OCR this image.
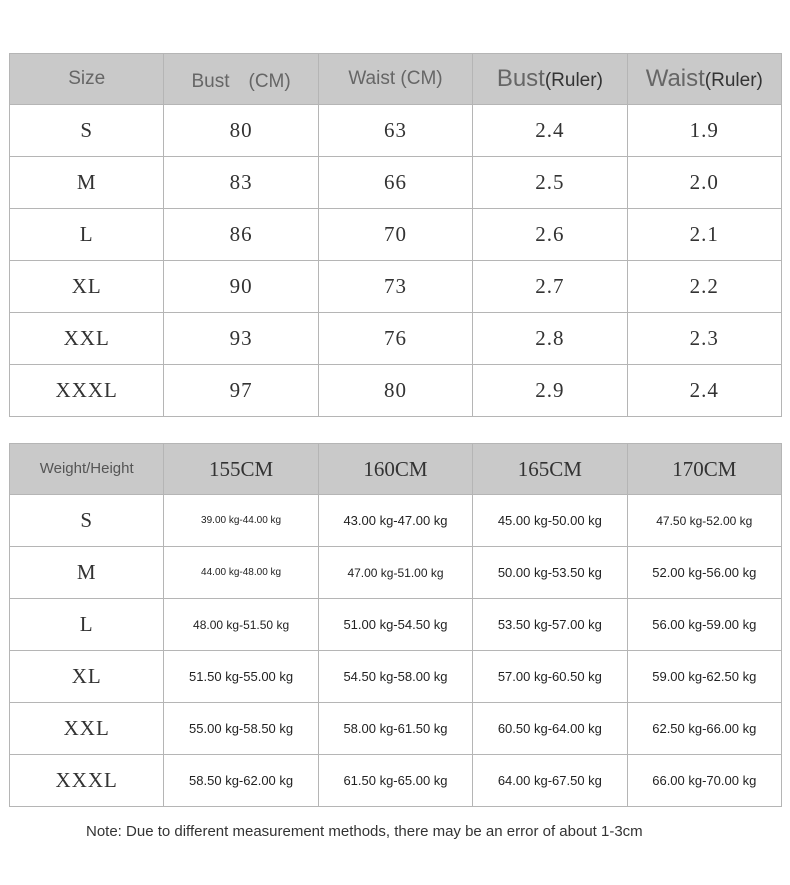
Size	Bust　(CM)	Waist (CM)	Bust(Ruler)	Waist(Ruler)
S	80	63	2.4	1.9
M	83	66	2.5	2.0
L	86	70	2.6	2.1
XL	90	73	2.7	2.2
XXL	93	76	2.8	2.3
XXXL	97	80	2.9	2.4
Weight/Height	155CM	160CM	165CM	170CM
S	39.00 kg-44.00 kg	43.00 kg-47.00 kg	45.00 kg-50.00 kg	47.50 kg-52.00 kg
M	44.00 kg-48.00 kg	47.00 kg-51.00 kg	50.00 kg-53.50 kg	52.00 kg-56.00 kg
L	48.00 kg-51.50 kg	51.00 kg-54.50 kg	53.50 kg-57.00 kg	56.00 kg-59.00 kg
XL	51.50 kg-55.00 kg	54.50 kg-58.00 kg	57.00 kg-60.50 kg	59.00 kg-62.50 kg
XXL	55.00 kg-58.50 kg	58.00 kg-61.50 kg	60.50 kg-64.00 kg	62.50 kg-66.00 kg
XXXL	58.50 kg-62.00 kg	61.50 kg-65.00 kg	64.00 kg-67.50 kg	66.00 kg-70.00 kg
Note: Due to different measurement methods, there may be an error of about 1-3cm
